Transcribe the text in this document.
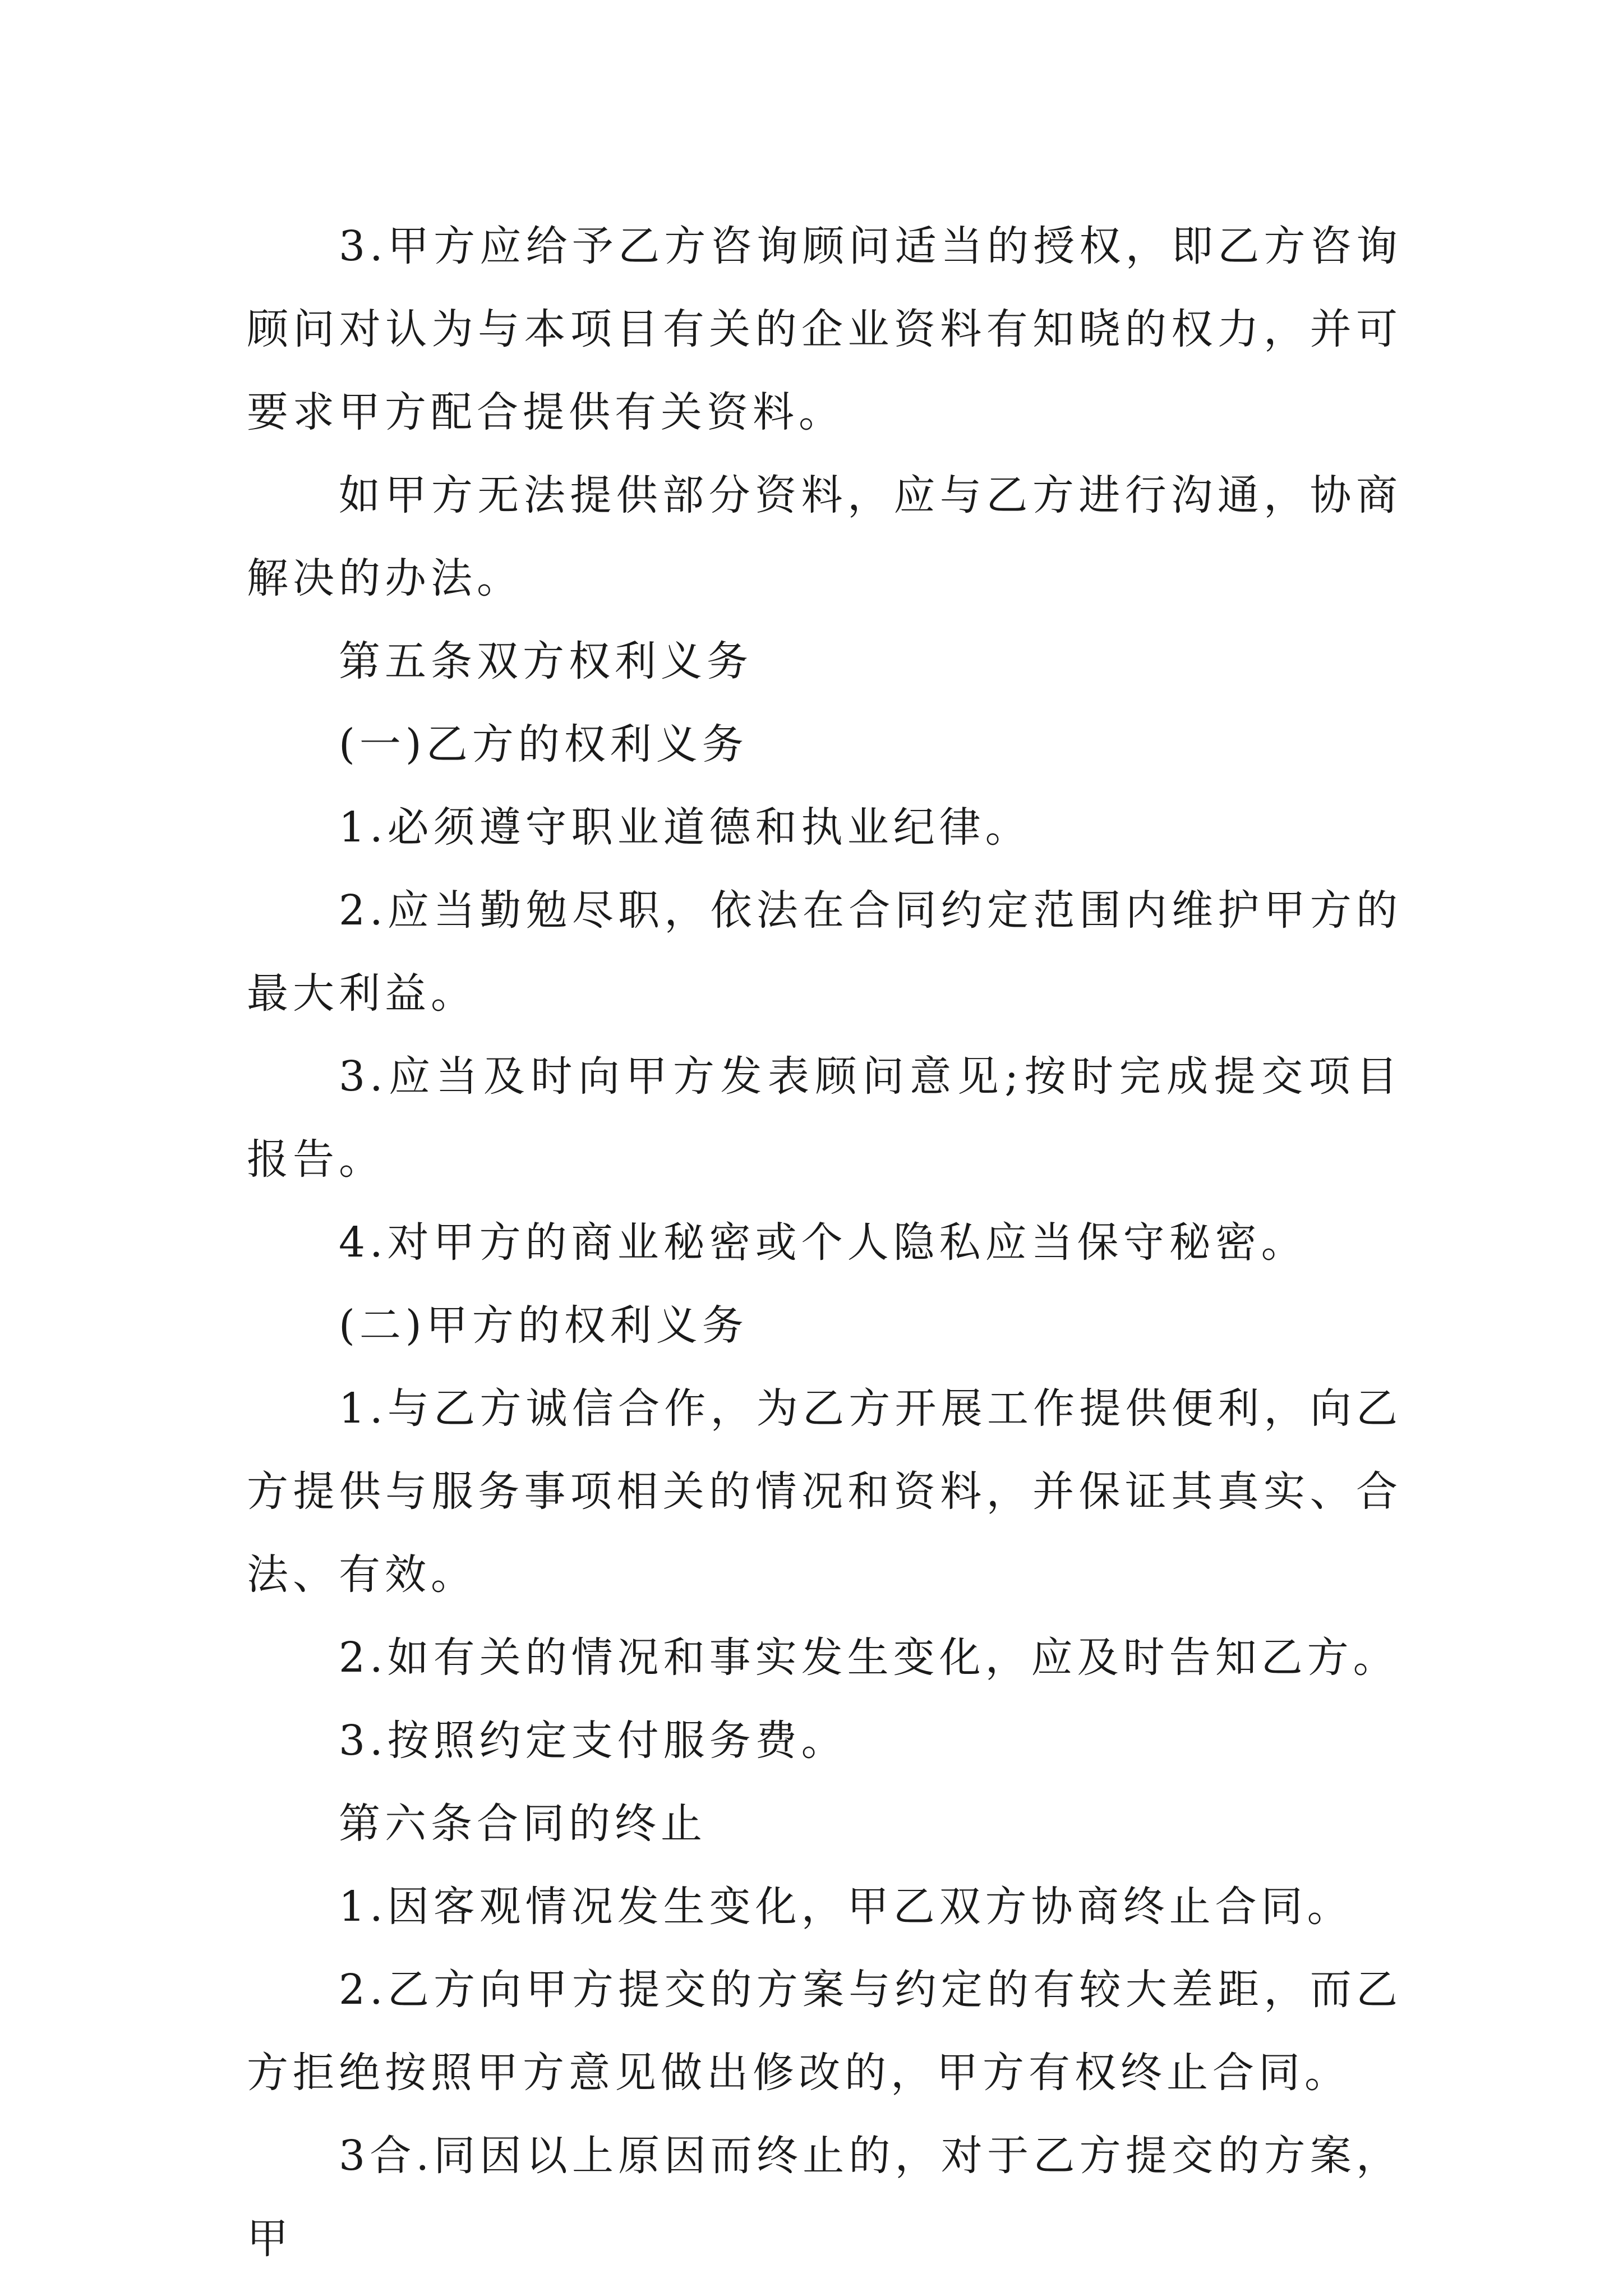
3.甲方应给予乙方咨询顾问适当的授权，即乙方咨询顾问对认为与本项目有关的企业资料有知晓的权力，并可要求甲方配合提供有关资料。

如甲方无法提供部分资料，应与乙方进行沟通，协商解决的办法。

第五条双方权利义务

(一)乙方的权利义务

1.必须遵守职业道德和执业纪律。

2.应当勤勉尽职，依法在合同约定范围内维护甲方的最大利益。

3.应当及时向甲方发表顾问意见;按时完成提交项目报告。

4.对甲方的商业秘密或个人隐私应当保守秘密。

(二)甲方的权利义务

1.与乙方诚信合作，为乙方开展工作提供便利，向乙方提供与服务事项相关的情况和资料，并保证其真实、合法、有效。

2.如有关的情况和事实发生变化，应及时告知乙方。

3.按照约定支付服务费。

第六条合同的终止

1.因客观情况发生变化，甲乙双方协商终止合同。

2.乙方向甲方提交的方案与约定的有较大差距，而乙方拒绝按照甲方意见做出修改的，甲方有权终止合同。

3合.同因以上原因而终止的，对于乙方提交的方案，甲
